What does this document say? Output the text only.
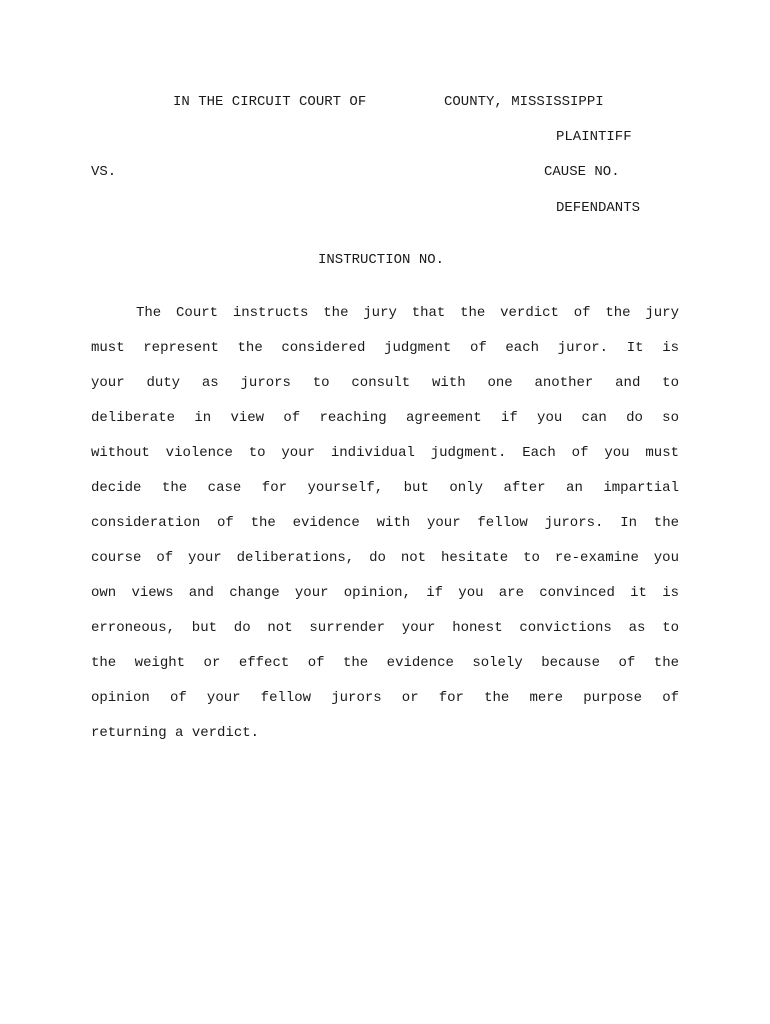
IN THE CIRCUIT COURT OF	COUNTY, MISSISSIPPI
PLAINTIFF
VS.	CAUSE NO.
DEFENDANTS
INSTRUCTION NO.
The Court instructs the jury that the verdict of the jury
must represent the considered judgment of each juror. It is
your duty as jurors to consult with one another and to
deliberate in view of reaching agreement if you can do so
without violence to your individual judgment. Each of you must
decide the case for yourself, but only after an impartial
consideration of the evidence with your fellow jurors. In the
course of your deliberations, do not hesitate to re-examine you
own views and change your opinion, if you are convinced it is
erroneous, but do not surrender your honest convictions as to
the weight or effect of the evidence solely because of the
opinion of your fellow jurors or for the mere purpose of
returning a verdict.
